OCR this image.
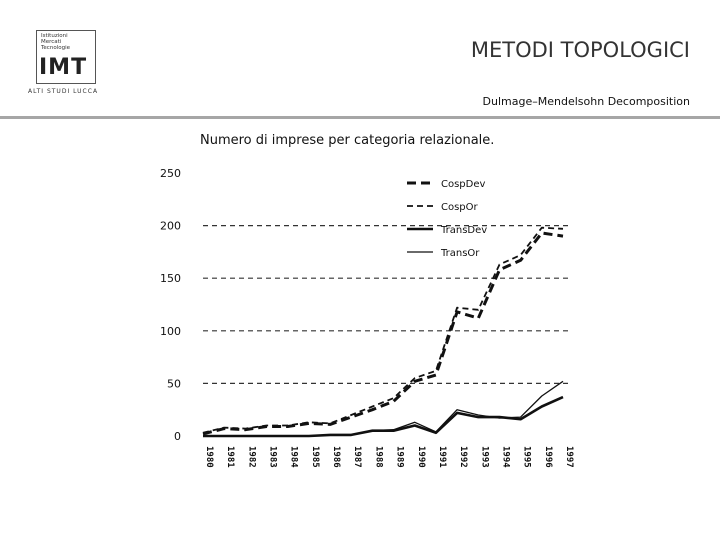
Istituzioni
Mercati
Tecnologie
IMT
ALTI STUDI LUCCA
METODI TOPOLOGICI
Dulmage–Mendelsohn Decomposition
Numero di imprese per categoria relazionale.
0
50
100
150
200
250
1980 1981 1982 1983 1984 1985 1986 1987 1988 1989 1990 1991 1992 1993 1994 1995 1996 1997
CospDev
CospOr
TransDev
TransOr
